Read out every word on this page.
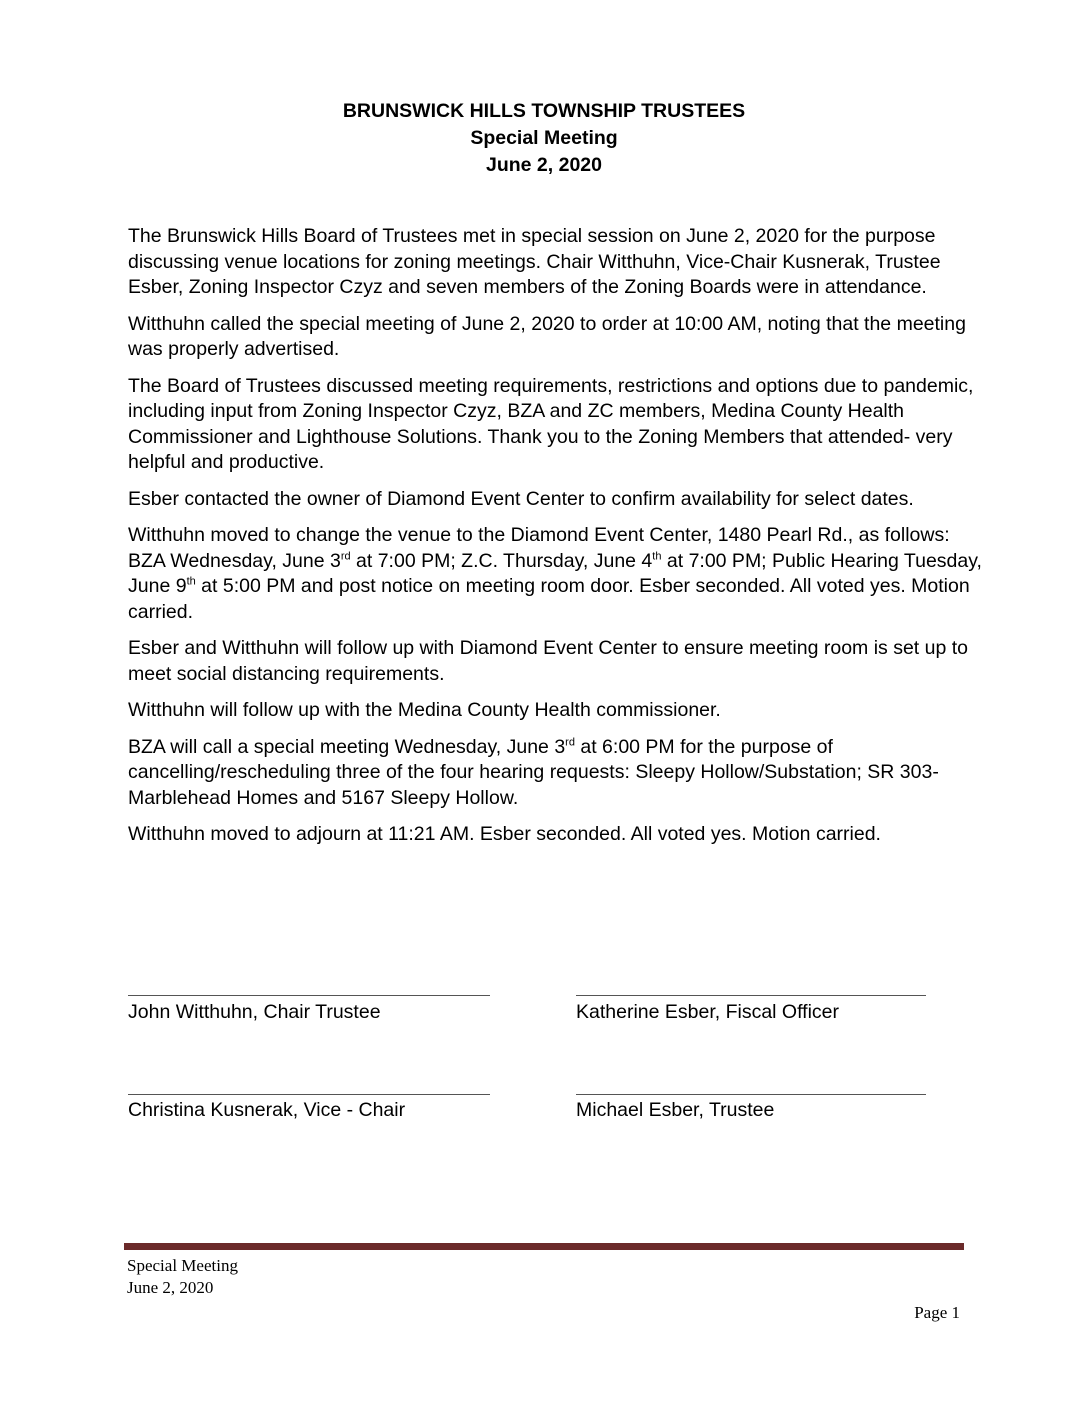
BRUNSWICK HILLS TOWNSHIP TRUSTEES
Special Meeting
June 2, 2020

The Brunswick Hills Board of Trustees met in special session on June 2, 2020 for the purpose discussing venue locations for zoning meetings. Chair Witthuhn, Vice-Chair Kusnerak, Trustee Esber, Zoning Inspector Czyz and seven members of the Zoning Boards were in attendance.

Witthuhn called the special meeting of June 2, 2020 to order at 10:00 AM, noting that the meeting was properly advertised.

The Board of Trustees discussed meeting requirements, restrictions and options due to pandemic, including input from Zoning Inspector Czyz, BZA and ZC members, Medina County Health Commissioner and Lighthouse Solutions. Thank you to the Zoning Members that attended- very helpful and productive.

Esber contacted the owner of Diamond Event Center to confirm availability for select dates.

Witthuhn moved to change the venue to the Diamond Event Center, 1480 Pearl Rd., as follows: BZA Wednesday, June 3rd at 7:00 PM; Z.C. Thursday, June 4th at 7:00 PM; Public Hearing Tuesday, June 9th at 5:00 PM and post notice on meeting room door. Esber seconded. All voted yes. Motion carried.

Esber and Witthuhn will follow up with Diamond Event Center to ensure meeting room is set up to meet social distancing requirements.

Witthuhn will follow up with the Medina County Health commissioner.

BZA will call a special meeting Wednesday, June 3rd at 6:00 PM for the purpose of cancelling/rescheduling three of the four hearing requests: Sleepy Hollow/Substation; SR 303-Marblehead Homes and 5167 Sleepy Hollow.

Witthuhn moved to adjourn at 11:21 AM. Esber seconded. All voted yes. Motion carried.

John Witthuhn, Chair Trustee	Katherine Esber, Fiscal Officer
Christina Kusnerak, Vice - Chair	Michael Esber, Trustee
Special Meeting
June 2, 2020
Page 1
